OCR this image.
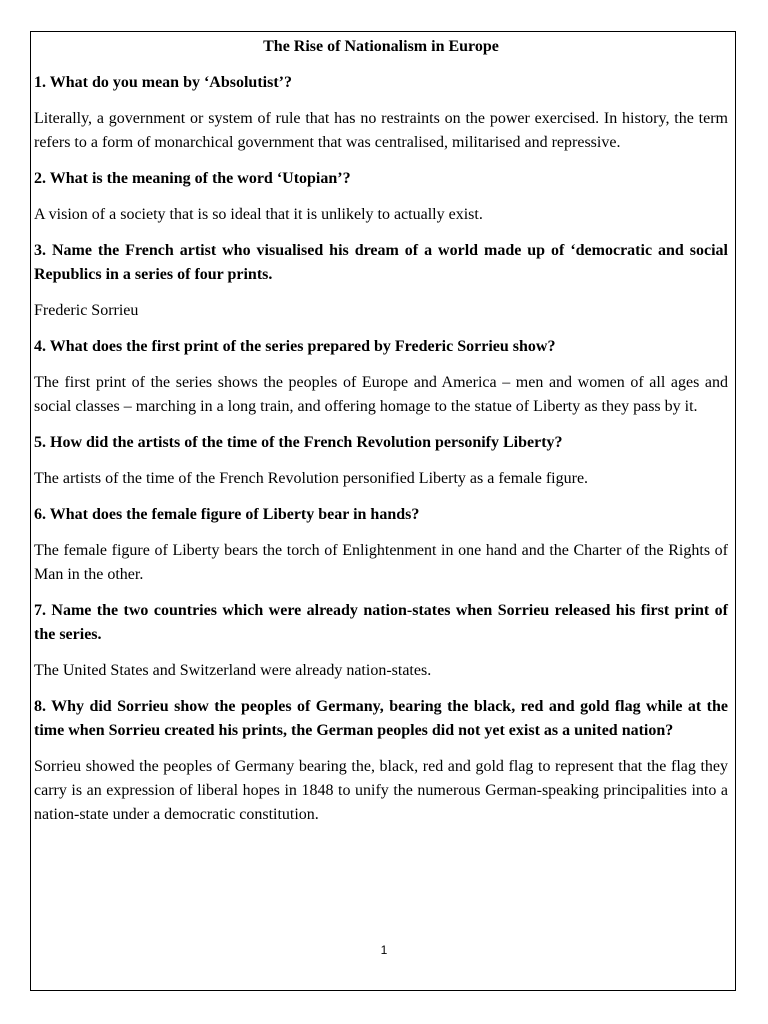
The Rise of Nationalism in Europe

1. What do you mean by ‘Absolutist’?

Literally, a government or system of rule that has no restraints on the power exercised. In history, the term refers to a form of monarchical government that was centralised, militarised and repressive.

2. What is the meaning of the word ‘Utopian’?

A vision of a society that is so ideal that it is unlikely to actually exist.

3. Name the French artist who visualised his dream of a world made up of ‘democratic and social Republics in a series of four prints.

Frederic Sorrieu

4. What does the first print of the series prepared by Frederic Sorrieu show?

The first print of the series shows the peoples of Europe and America – men and women of all ages and social classes – marching in a long train, and offering homage to the statue of Liberty as they pass by it.

5. How did the artists of the time of the French Revolution personify Liberty?

The artists of the time of the French Revolution personified Liberty as a female figure.

6. What does the female figure of Liberty bear in hands?

The female figure of Liberty bears the torch of Enlightenment in one hand and the Charter of the Rights of Man in the other.

7. Name the two countries which were already nation-states when Sorrieu released his first print of the series.

The United States and Switzerland were already nation-states.

8. Why did Sorrieu show the peoples of Germany, bearing the black, red and gold flag while at the time when Sorrieu created his prints, the German peoples did not yet exist as a united nation?

Sorrieu showed the peoples of Germany bearing the, black, red and gold flag to represent that the flag they carry is an expression of liberal hopes in 1848 to unify the numerous German-speaking principalities into a nation-state under a democratic constitution.

1
